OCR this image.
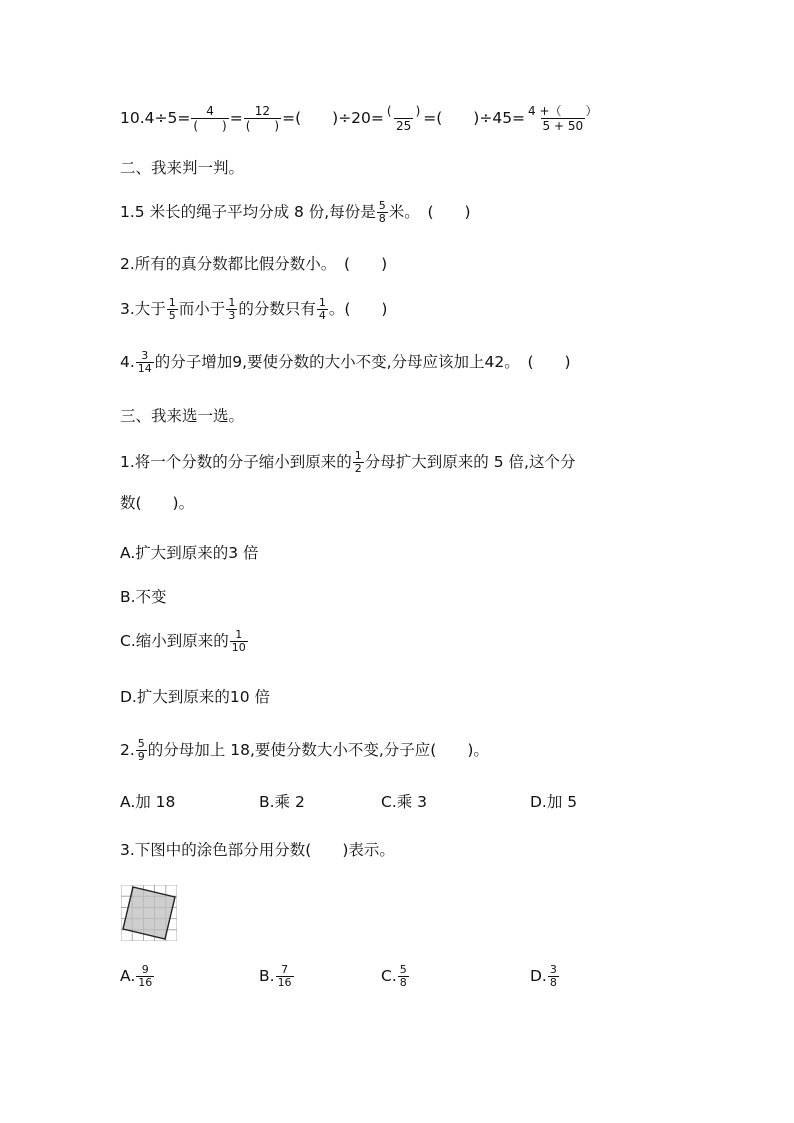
$10.4\div 5= \frac{4}{( )} = \frac{12}{( )}$ =(　　)$\div 20= \frac{( )}{25}$ =(　　)$\div 45= \frac{4 +( )}{5 + 50}$
二、我来判一判。
1.5 米长的绳子平均分成 8 份,每份是 $\frac{5}{8}$ 米。　(　　)
2.所有的真分数都比假分数小。　(　　)
3.大于 $\frac{1}{5}$ 而小于 $\frac{1}{3}$ 的分数只有 $\frac{1}{4}$ 。(　　)
4. $\frac{3}{14}$ 的分子增加9,要使分数的大小不变,分母应该加上42。　(　　)
三、我来选一选。
1.将一个分数的分子缩小到原来的 $\frac{1}{2}$ 分母扩大到原来的 5 倍,这个分
数(　　)。
A.扩大到原来的3 倍
B.不变
C.缩小到原来的 $\frac{1}{10}$
D.扩大到原来的10 倍
2. $\frac{5}{9}$ 的分母加上 18,要使分数大小不变,分子应(　　)。
A.加 18	B.乘 2	C.乘 3	D.加 5
3.下图中的涂色部分用分数(　　)表示。
A. $\frac{9}{16}$	B. $\frac{7}{16}$	C. $\frac{5}{8}$	D. $\frac{3}{8}$
